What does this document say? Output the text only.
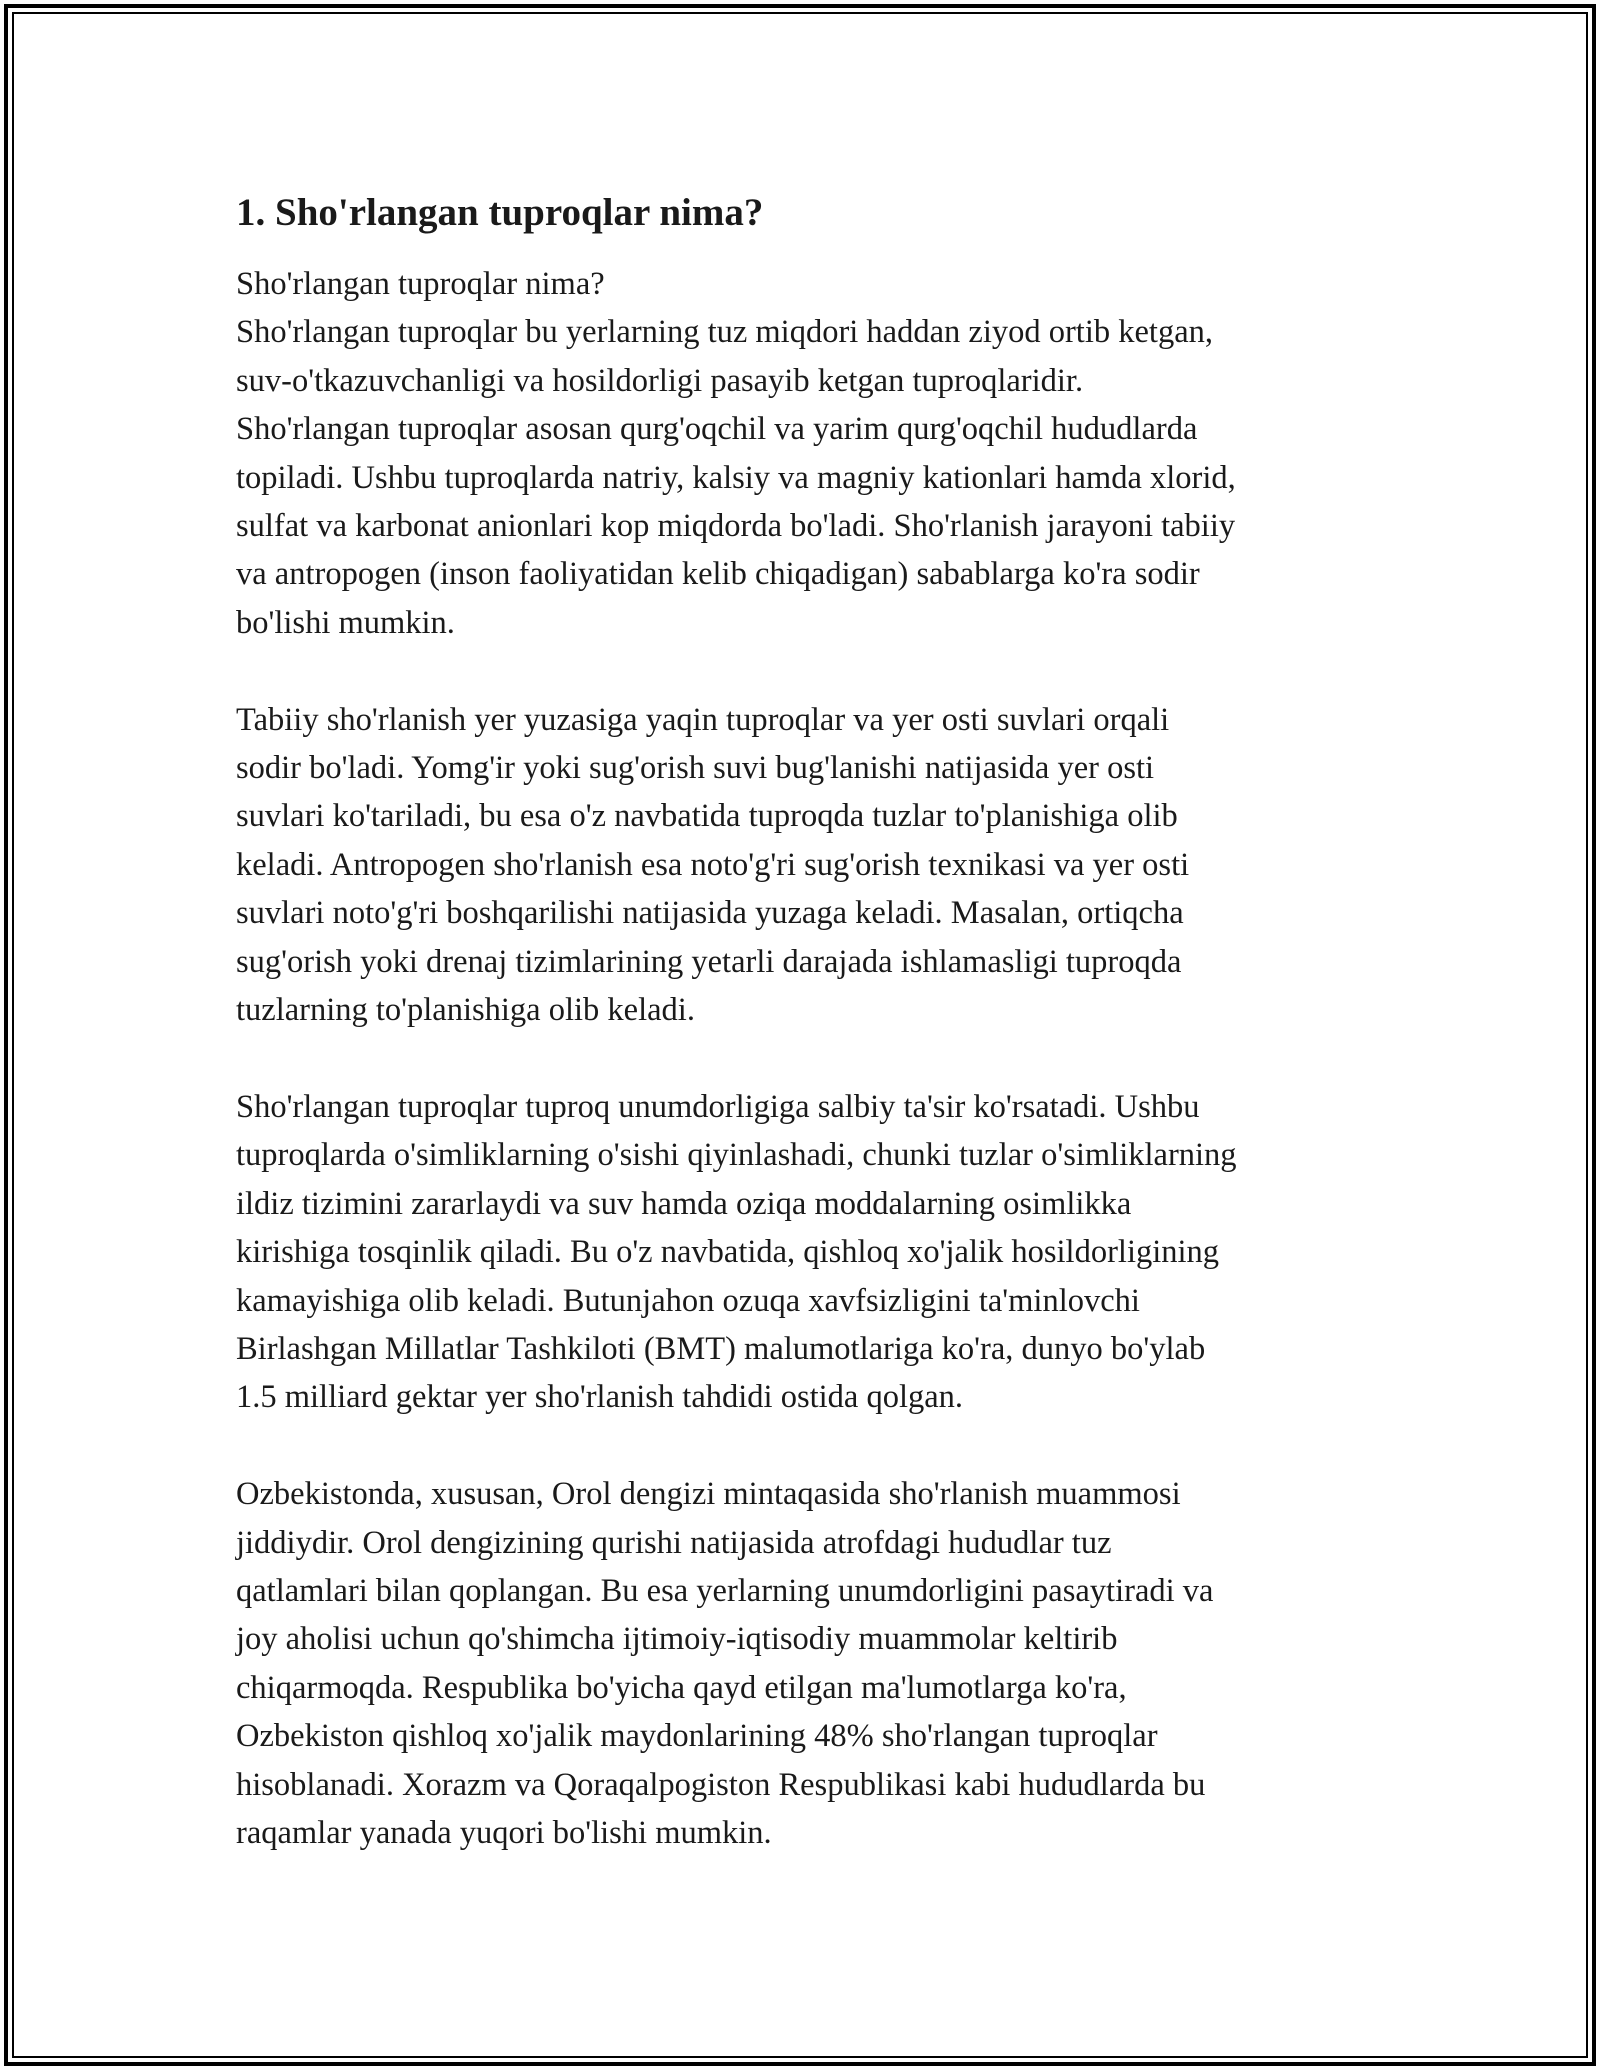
1. Sho'rlangan tuproqlar nima?
Sho'rlangan tuproqlar nima?
Sho'rlangan tuproqlar bu yerlarning tuz miqdori haddan ziyod ortib ketgan,
suv-o'tkazuvchanligi va hosildorligi pasayib ketgan tuproqlaridir.
Sho'rlangan tuproqlar asosan qurg'oqchil va yarim qurg'oqchil hududlarda
topiladi. Ushbu tuproqlarda natriy, kalsiy va magniy kationlari hamda xlorid,
sulfat va karbonat anionlari kop miqdorda bo'ladi. Sho'rlanish jarayoni tabiiy
va antropogen (inson faoliyatidan kelib chiqadigan) sabablarga ko'ra sodir
bo'lishi mumkin.
Tabiiy sho'rlanish yer yuzasiga yaqin tuproqlar va yer osti suvlari orqali
sodir bo'ladi. Yomg'ir yoki sug'orish suvi bug'lanishi natijasida yer osti
suvlari ko'tariladi, bu esa o'z navbatida tuproqda tuzlar to'planishiga olib
keladi. Antropogen sho'rlanish esa noto'g'ri sug'orish texnikasi va yer osti
suvlari noto'g'ri boshqarilishi natijasida yuzaga keladi. Masalan, ortiqcha
sug'orish yoki drenaj tizimlarining yetarli darajada ishlamasligi tuproqda
tuzlarning to'planishiga olib keladi.
Sho'rlangan tuproqlar tuproq unumdorligiga salbiy ta'sir ko'rsatadi. Ushbu
tuproqlarda o'simliklarning o'sishi qiyinlashadi, chunki tuzlar o'simliklarning
ildiz tizimini zararlaydi va suv hamda oziqa moddalarning osimlikka
kirishiga tosqinlik qiladi. Bu o'z navbatida, qishloq xo'jalik hosildorligining
kamayishiga olib keladi. Butunjahon ozuqa xavfsizligini ta'minlovchi
Birlashgan Millatlar Tashkiloti (BMT) malumotlariga ko'ra, dunyo bo'ylab
1.5 milliard gektar yer sho'rlanish tahdidi ostida qolgan.
Ozbekistonda, xususan, Orol dengizi mintaqasida sho'rlanish muammosi
jiddiydir. Orol dengizining qurishi natijasida atrofdagi hududlar tuz
qatlamlari bilan qoplangan. Bu esa yerlarning unumdorligini pasaytiradi va
joy aholisi uchun qo'shimcha ijtimoiy-iqtisodiy muammolar keltirib
chiqarmoqda. Respublika bo'yicha qayd etilgan ma'lumotlarga ko'ra,
Ozbekiston qishloq xo'jalik maydonlarining 48% sho'rlangan tuproqlar
hisoblanadi. Xorazm va Qoraqalpogiston Respublikasi kabi hududlarda bu
raqamlar yanada yuqori bo'lishi mumkin.
